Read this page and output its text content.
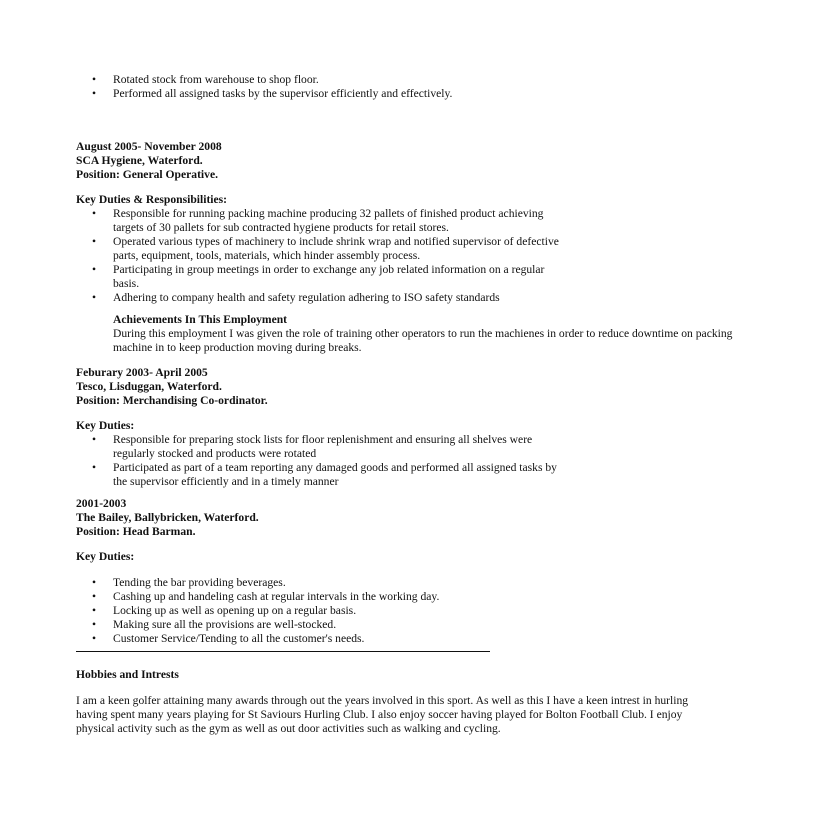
• Rotated stock from warehouse to shop floor.
• Performed all assigned tasks by the supervisor efficiently and effectively.
August 2005- November 2008
SCA Hygiene, Waterford.
Position: General Operative.
Key Duties & Responsibilities:
• Responsible for running packing machine producing 32 pallets of finished product achieving targets of 30 pallets for sub contracted hygiene products for retail stores.
• Operated various types of machinery to include shrink wrap and notified supervisor of defective parts, equipment, tools, materials, which hinder assembly process.
• Participating in group meetings in order to exchange any job related information on a regular basis.
• Adhering to company health and safety regulation adhering to ISO safety standards
Achievements In This Employment
During this employment I was given the role of training other operators to run the machienes in order to reduce downtime on packing machine in to keep production moving during breaks.
Feburary 2003- April 2005
Tesco, Lisduggan, Waterford.
Position: Merchandising Co-ordinator.
Key Duties:
• Responsible for preparing stock lists for floor replenishment and ensuring all shelves were regularly stocked and products were rotated
• Participated as part of a team reporting any damaged goods and performed all assigned tasks by the supervisor efficiently and in a timely manner
2001-2003
The Bailey, Ballybricken, Waterford.
Position: Head Barman.
Key Duties:
• Tending the bar providing beverages.
• Cashing up and handeling cash at regular intervals in the working day.
• Locking up as well as opening up on a regular basis.
• Making sure all the provisions are well-stocked.
• Customer Service/Tending to all the customer's needs.
Hobbies and Intrests
I am a keen golfer attaining many awards through out the years involved in this sport. As well as this I have a keen intrest in hurling having spent many years playing for St Saviours Hurling Club. I also enjoy soccer having played for Bolton Football Club. I enjoy physical activity such as the gym as well as out door activities such as walking and cycling.
